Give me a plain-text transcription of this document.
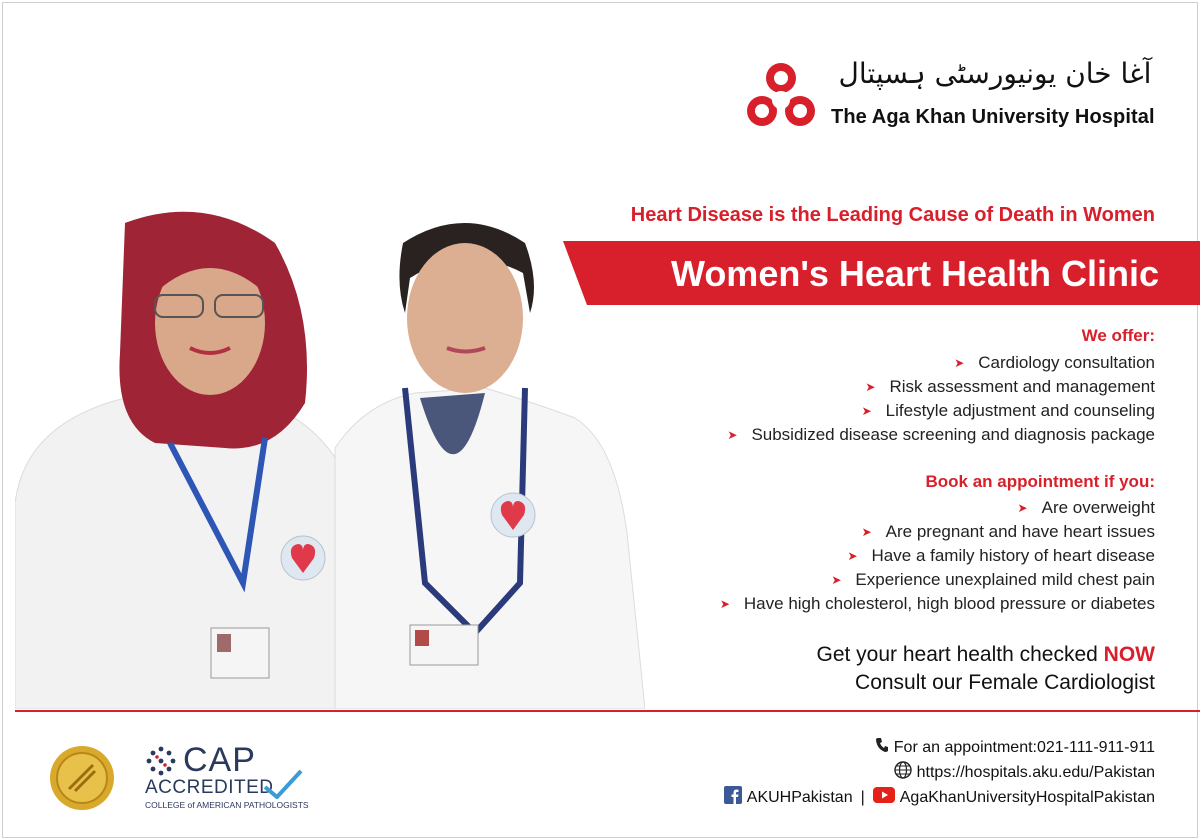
آغا خان یونیورسٹی ہسپتال
The Aga Khan University Hospital
Heart Disease is the Leading Cause of Death in Women
Women's Heart Health Clinic
We offer:
➤ Cardiology consultation
➤ Risk assessment and management
➤ Lifestyle adjustment and counseling
➤ Subsidized disease screening and diagnosis package
Book an appointment if you:
➤ Are overweight
➤ Are pregnant and have heart issues
➤ Have a family history of heart disease
➤ Experience unexplained mild chest pain
➤ Have high cholesterol, high blood pressure or diabetes
Get your heart health checked NOW
Consult our Female Cardiologist
CAP
ACCREDITED
COLLEGE of AMERICAN PATHOLOGISTS
For an appointment:021-111-911-911
https://hospitals.aku.edu/Pakistan
AKUHPakistan | AgaKhanUniversityHospitalPakistan
